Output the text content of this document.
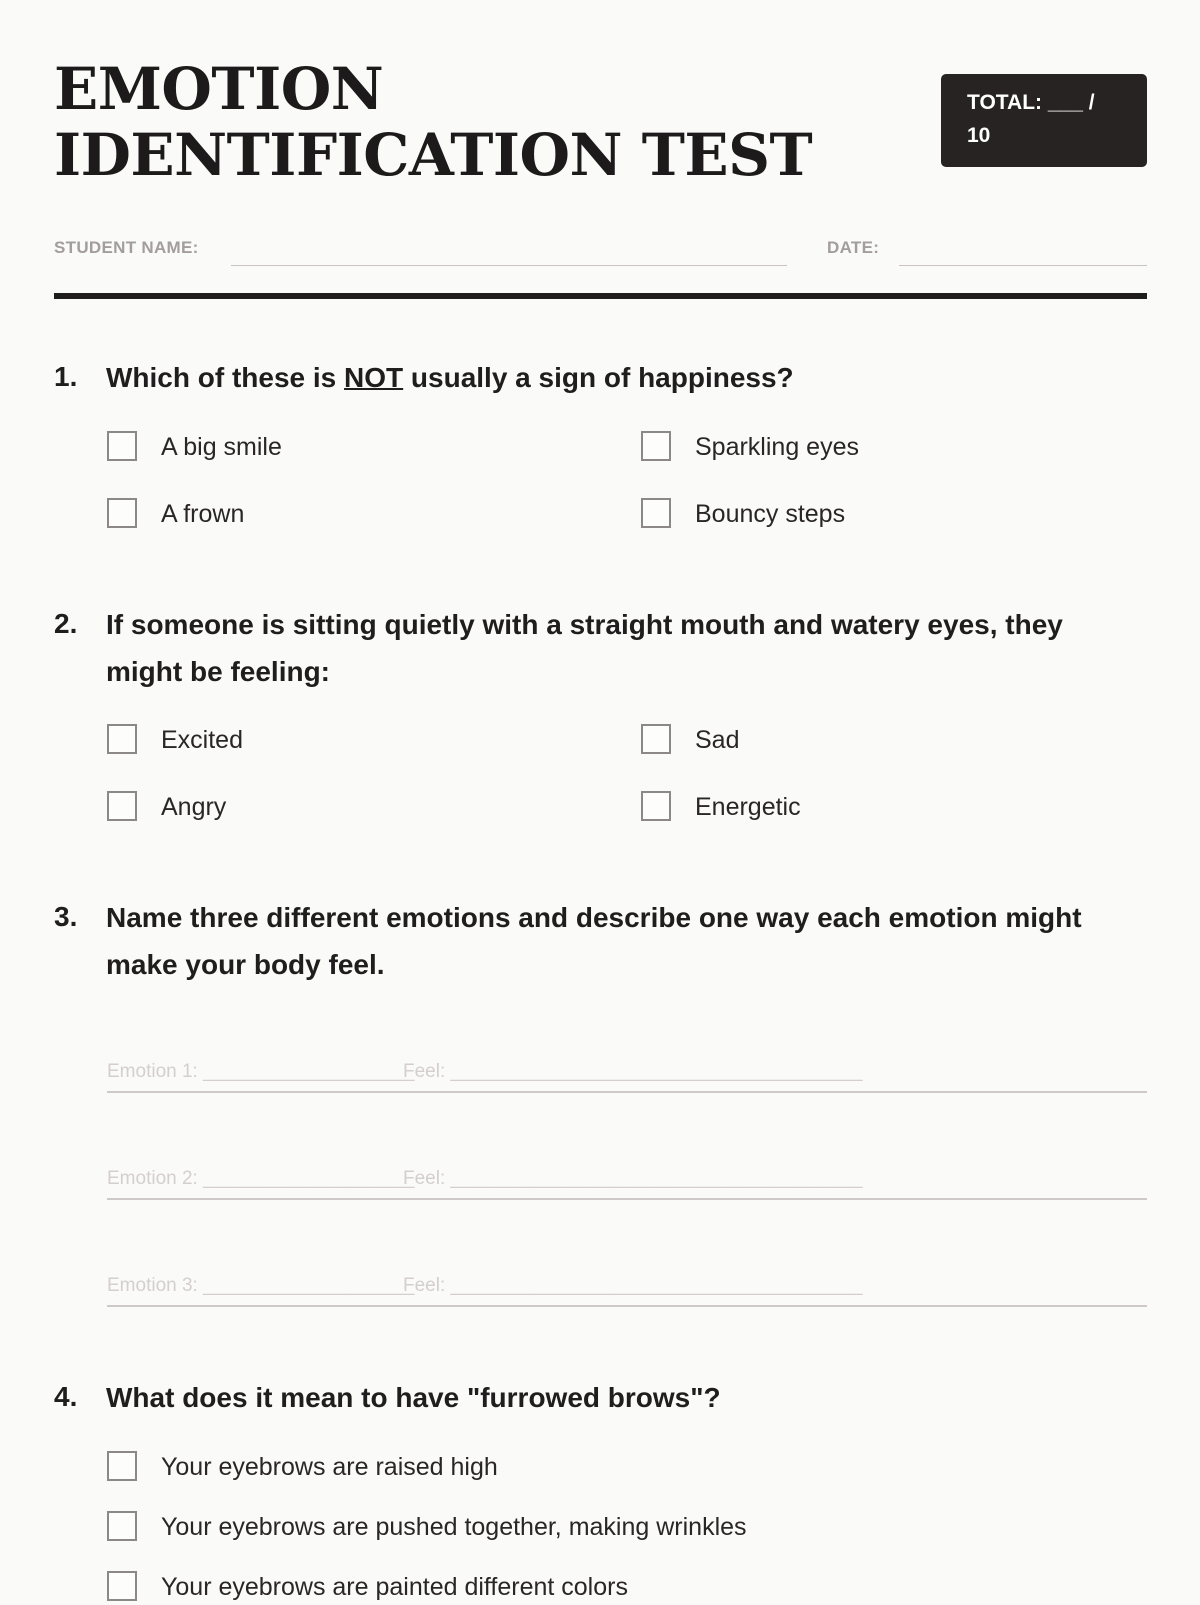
EMOTION IDENTIFICATION TEST
TOTAL: ___ / 10
STUDENT NAME:	DATE:
1. Which of these is NOT usually a sign of happiness?
A big smile	Sparkling eyes
A frown	Bouncy steps
2. If someone is sitting quietly with a straight mouth and watery eyes, they might be feeling:
Excited	Sad
Angry	Energetic
3. Name three different emotions and describe one way each emotion might make your body feel.
Emotion 1: ____________________
Feel: _______________________________________
Emotion 2: ____________________
Feel: _______________________________________
Emotion 3: ____________________
Feel: _______________________________________
4. What does it mean to have "furrowed brows"?
Your eyebrows are raised high
Your eyebrows are pushed together, making wrinkles
Your eyebrows are painted different colors
